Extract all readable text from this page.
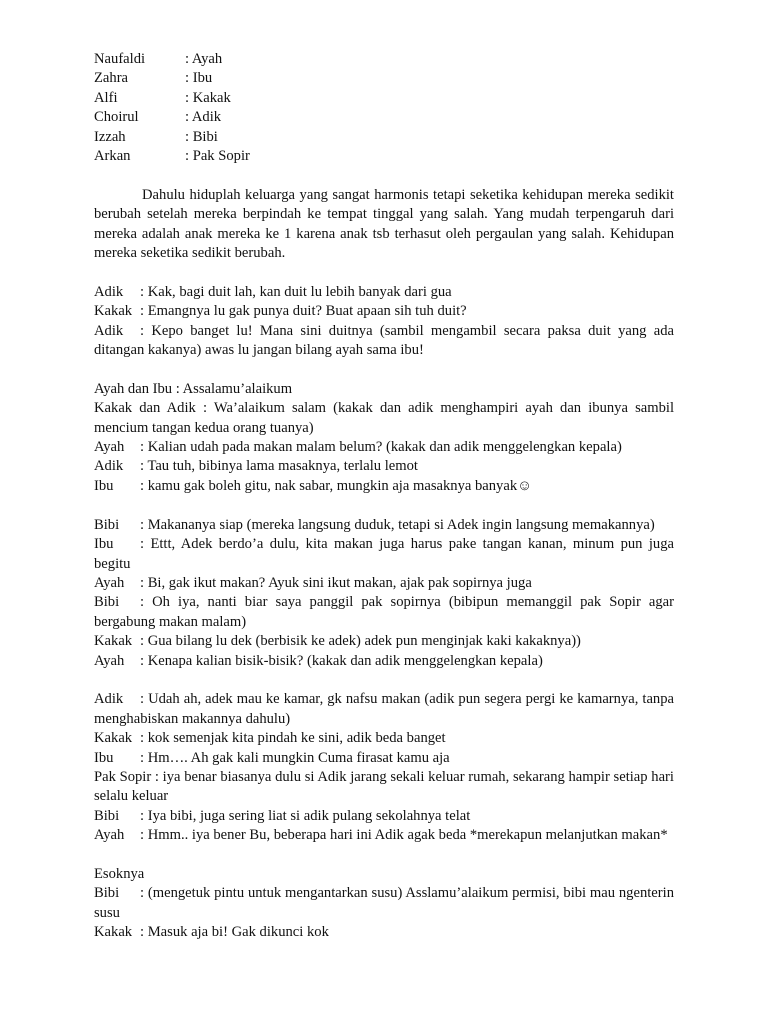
Naufaldi	: Ayah
Zahra	: Ibu
Alfi	: Kakak
Choirul	: Adik
Izzah	: Bibi
Arkan	: Pak Sopir

Dahulu hiduplah keluarga yang sangat harmonis tetapi seketika kehidupan mereka sedikit berubah setelah mereka berpindah ke tempat tinggal yang salah. Yang mudah terpengaruh dari mereka adalah anak mereka ke 1 karena anak tsb terhasut oleh pergaulan yang salah. Kehidupan mereka seketika sedikit berubah.

Adik	: Kak, bagi duit lah, kan duit lu lebih banyak dari gua
Kakak : Emangnya lu gak punya duit? Buat apaan sih tuh duit?
Adik : Kepo banget lu! Mana sini duitnya (sambil mengambil secara paksa duit yang ada ditangan kakanya) awas lu jangan bilang ayah sama ibu!
Ayah dan Ibu : Assalamu’alaikum
Kakak dan Adik : Wa’alaikum salam (kakak dan adik menghampiri ayah dan ibunya sambil mencium tangan kedua orang tuanya)
Ayah	: Kalian udah pada makan malam belum? (kakak dan adik menggelengkan kepala)
Adik	: Tau tuh, bibinya lama masaknya, terlalu lemot
Ibu	: kamu gak boleh gitu, nak sabar, mungkin aja masaknya banyak☺
Bibi : Makananya siap (mereka langsung duduk, tetapi si Adek ingin langsung memakannya)
Ibu : Ettt, Adek berdo’a dulu, kita makan juga harus pake tangan kanan, minum pun juga begitu
Ayah	: Bi, gak ikut makan? Ayuk sini ikut makan, ajak pak sopirnya juga
Bibi : Oh iya, nanti biar saya panggil pak sopirnya (bibipun memanggil pak Sopir agar bergabung makan malam)
Kakak : Gua bilang lu dek (berbisik ke adek) adek pun menginjak kaki kakaknya))
Ayah	: Kenapa kalian bisik-bisik? (kakak dan adik menggelengkan kepala)
Adik : Udah ah, adek mau ke kamar, gk nafsu makan (adik pun segera pergi ke kamarnya, tanpa menghabiskan makannya dahulu)
Kakak : kok semenjak kita pindah ke sini, adik beda banget
Ibu	: Hm…. Ah gak kali mungkin Cuma firasat kamu aja
Pak Sopir : iya benar biasanya dulu si Adik jarang sekali keluar rumah, sekarang hampir setiap hari selalu keluar
Bibi	: Iya bibi, juga sering liat si adik pulang sekolahnya telat
Ayah : Hmm.. iya bener Bu, beberapa hari ini Adik agak beda *merekapun melanjutkan makan*
Esoknya
Bibi : (mengetuk pintu untuk mengantarkan susu) Asslamu’alaikum permisi, bibi mau ngenterin susu
Kakak : Masuk aja bi! Gak dikunci kok
